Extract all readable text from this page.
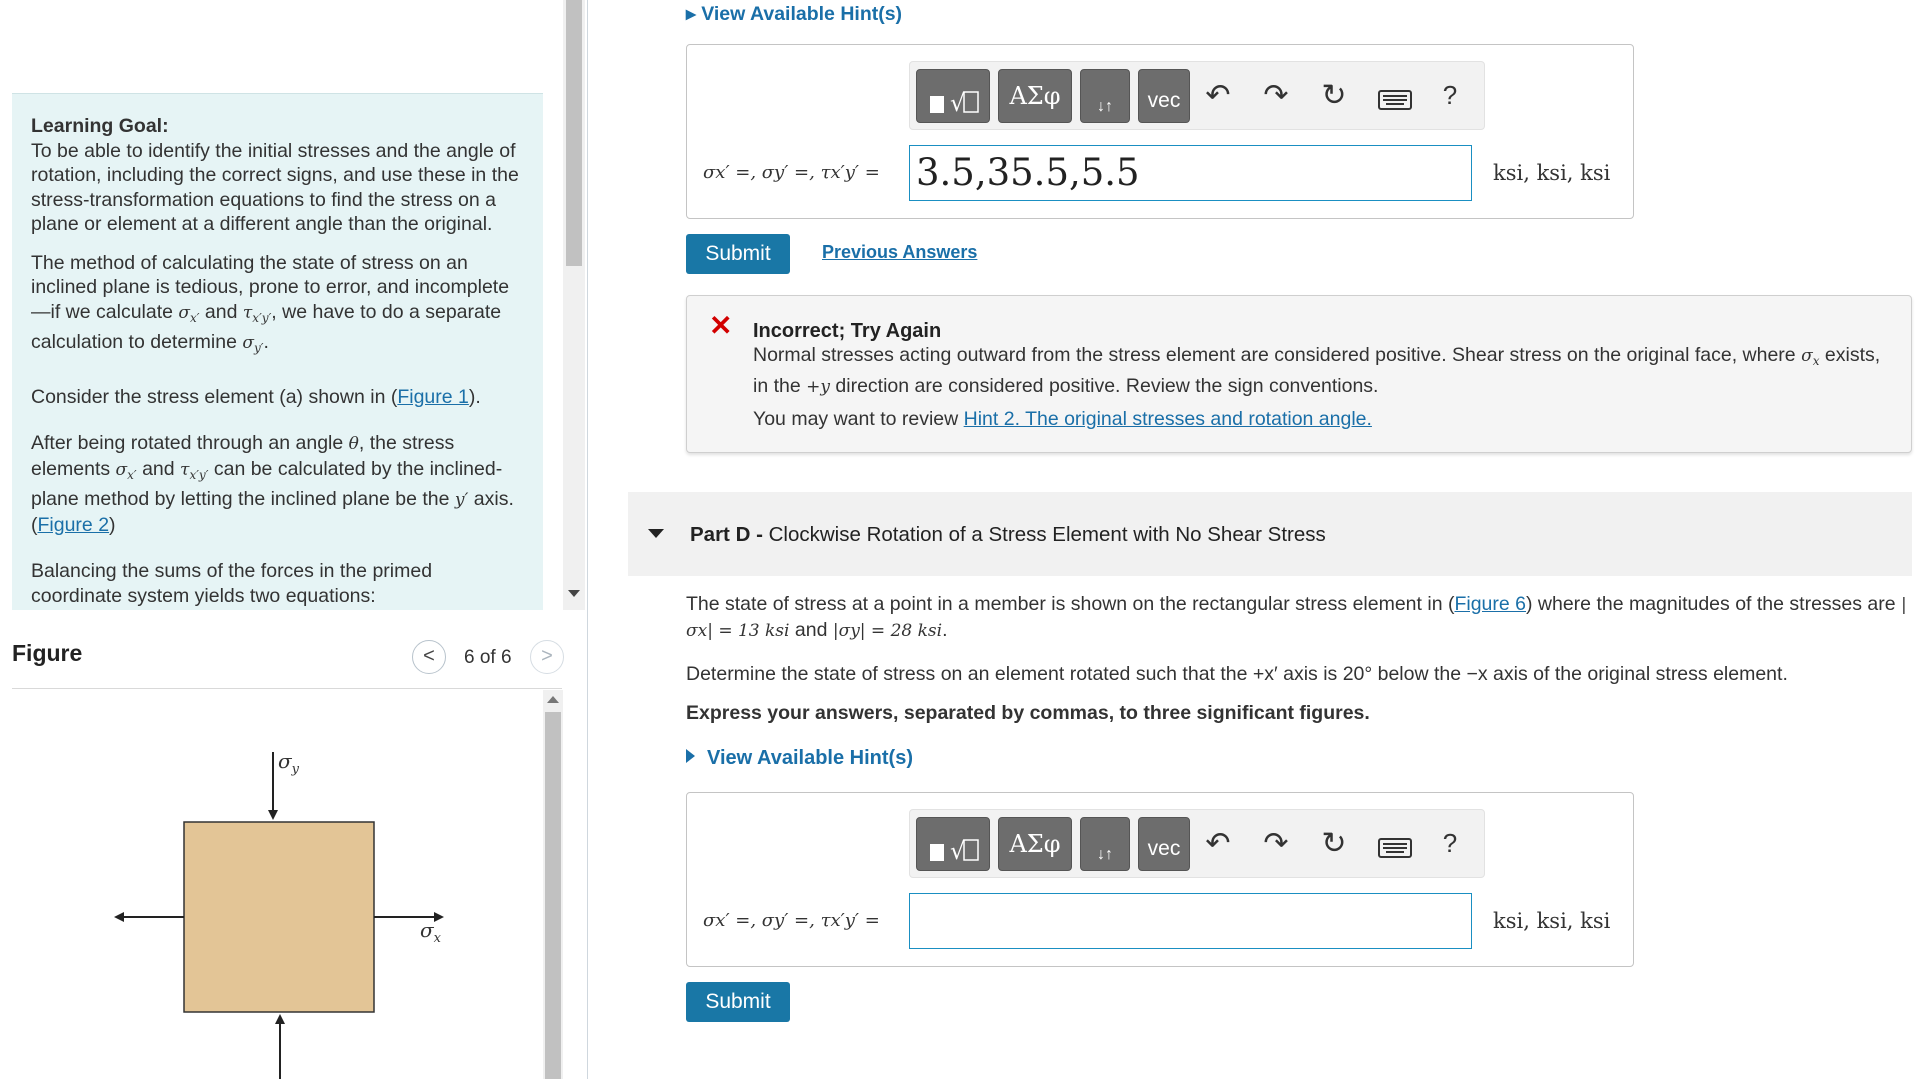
Learning Goal:
To be able to identify the initial stresses and the angle of rotation, including the correct signs, and use these in the stress-transformation equations to find the stress on a plane or element at a different angle than the original.

The method of calculating the state of stress on an inclined plane is tedious, prone to error, and incomplete —if we calculate $\sigma_{x'}$ and $\tau_{x'y'}$, we have to do a separate calculation to determine $\sigma_{y'}$.

Consider the stress element (a) shown in (Figure 1).

After being rotated through an angle θ, the stress elements $\sigma_{x'}$ and $\tau_{x'y'}$ can be calculated by the inclined-plane method by letting the inclined plane be the y′ axis. (Figure 2)

Balancing the sums of the forces in the primed coordinate system yields two equations:

Figure	<	6 of 6	>
$\sigma_y$
$\sigma_x$
▸ View Available Hint(s)
√	ΑΣφ	↓↑	vec ↶ ↷ ↻	?
σx′ =, σy′ =, τx′y′ = 3.5,35.5,5.5	ksi, ksi, ksi
Submit	Previous Answers
✕ Incorrect; Try Again
Normal stresses acting outward from the stress element are considered positive. Shear stress on the original face, where $\sigma_x$ exists, in the +y direction are considered positive. Review the sign conventions.
You may want to review Hint 2. The original stresses and rotation angle.
Part D - Clockwise Rotation of a Stress Element with No Shear Stress
The state of stress at a point in a member is shown on the rectangular stress element in (Figure 6) where the magnitudes of the stresses are |σx| = 13 ksi and |σy| = 28 ksi.
Determine the state of stress on an element rotated such that the +x′ axis is 20° below the −x axis of the original stress element.
Express your answers, separated by commas, to three significant figures.
View Available Hint(s)
√	ΑΣφ	↓↑	vec ↶ ↷ ↻	?
σx′ =, σy′ =, τx′y′ =	ksi, ksi, ksi
Submit
